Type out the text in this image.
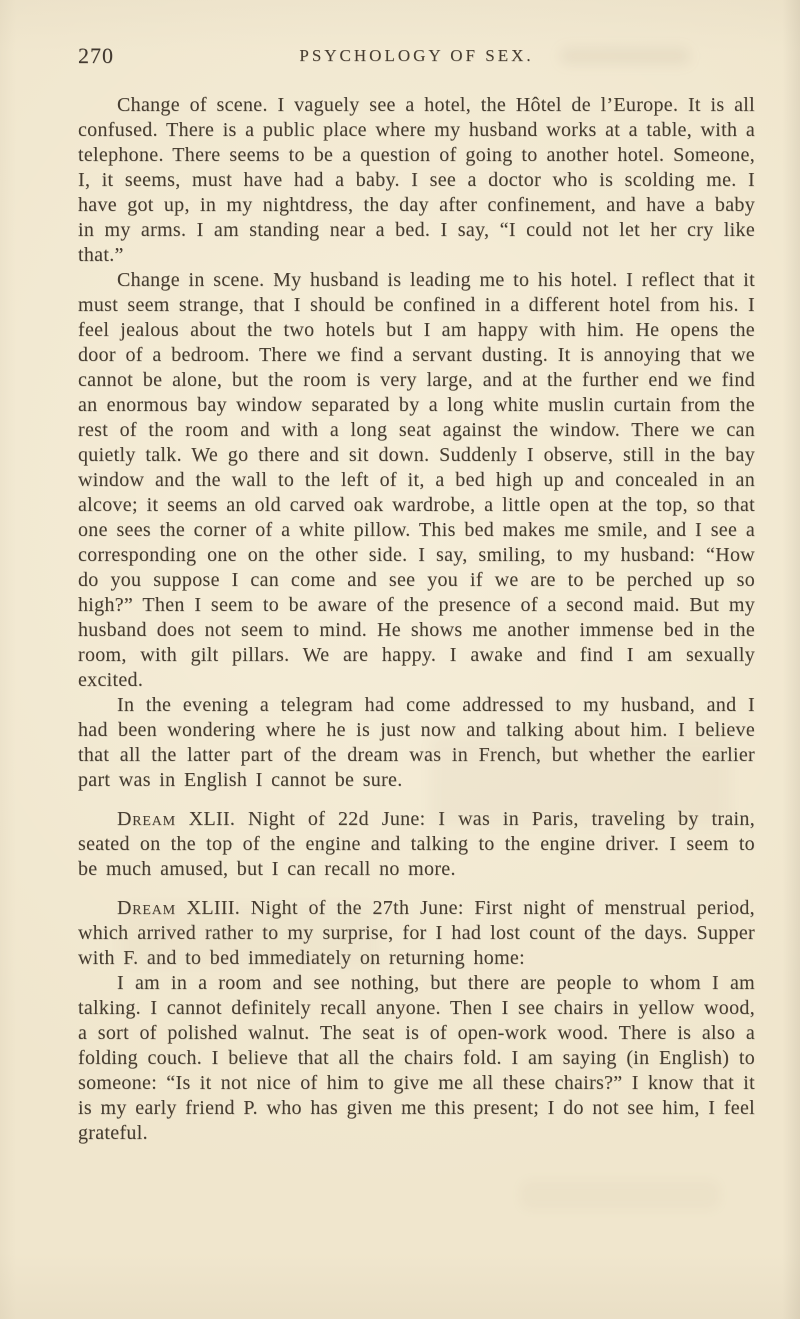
270	PSYCHOLOGY OF SEX.

Change of scene. I vaguely see a hotel, the Hôtel de l’Europe. It is all confused. There is a public place where my husband works at a table, with a telephone. There seems to be a question of going to another hotel. Someone, I, it seems, must have had a baby. I see a doctor who is scolding me. I have got up, in my nightdress, the day after confinement, and have a baby in my arms. I am standing near a bed. I say, “I could not let her cry like that.”

Change in scene. My husband is leading me to his hotel. I reflect that it must seem strange, that I should be confined in a different hotel from his. I feel jealous about the two hotels but I am happy with him. He opens the door of a bedroom. There we find a servant dusting. It is annoying that we cannot be alone, but the room is very large, and at the further end we find an enormous bay window separated by a long white muslin curtain from the rest of the room and with a long seat against the window. There we can quietly talk. We go there and sit down. Suddenly I observe, still in the bay window and the wall to the left of it, a bed high up and concealed in an alcove; it seems an old carved oak wardrobe, a little open at the top, so that one sees the corner of a white pillow. This bed makes me smile, and I see a corresponding one on the other side. I say, smiling, to my husband: “How do you suppose I can come and see you if we are to be perched up so high?” Then I seem to be aware of the presence of a second maid. But my husband does not seem to mind. He shows me another immense bed in the room, with gilt pillars. We are happy. I awake and find I am sexually excited.

In the evening a telegram had come addressed to my husband, and I had been wondering where he is just now and talking about him. I believe that all the latter part of the dream was in French, but whether the earlier part was in English I cannot be sure.

Dream XLII. Night of 22d June: I was in Paris, traveling by train, seated on the top of the engine and talking to the engine driver. I seem to be much amused, but I can recall no more.

Dream XLIII. Night of the 27th June: First night of menstrual period, which arrived rather to my surprise, for I had lost count of the days. Supper with F. and to bed immediately on returning home:

I am in a room and see nothing, but there are people to whom I am talking. I cannot definitely recall anyone. Then I see chairs in yellow wood, a sort of polished walnut. The seat is of open-work wood. There is also a folding couch. I believe that all the chairs fold. I am saying (in English) to someone: “Is it not nice of him to give me all these chairs?” I know that it is my early friend P. who has given me this present; I do not see him, I feel grateful.
